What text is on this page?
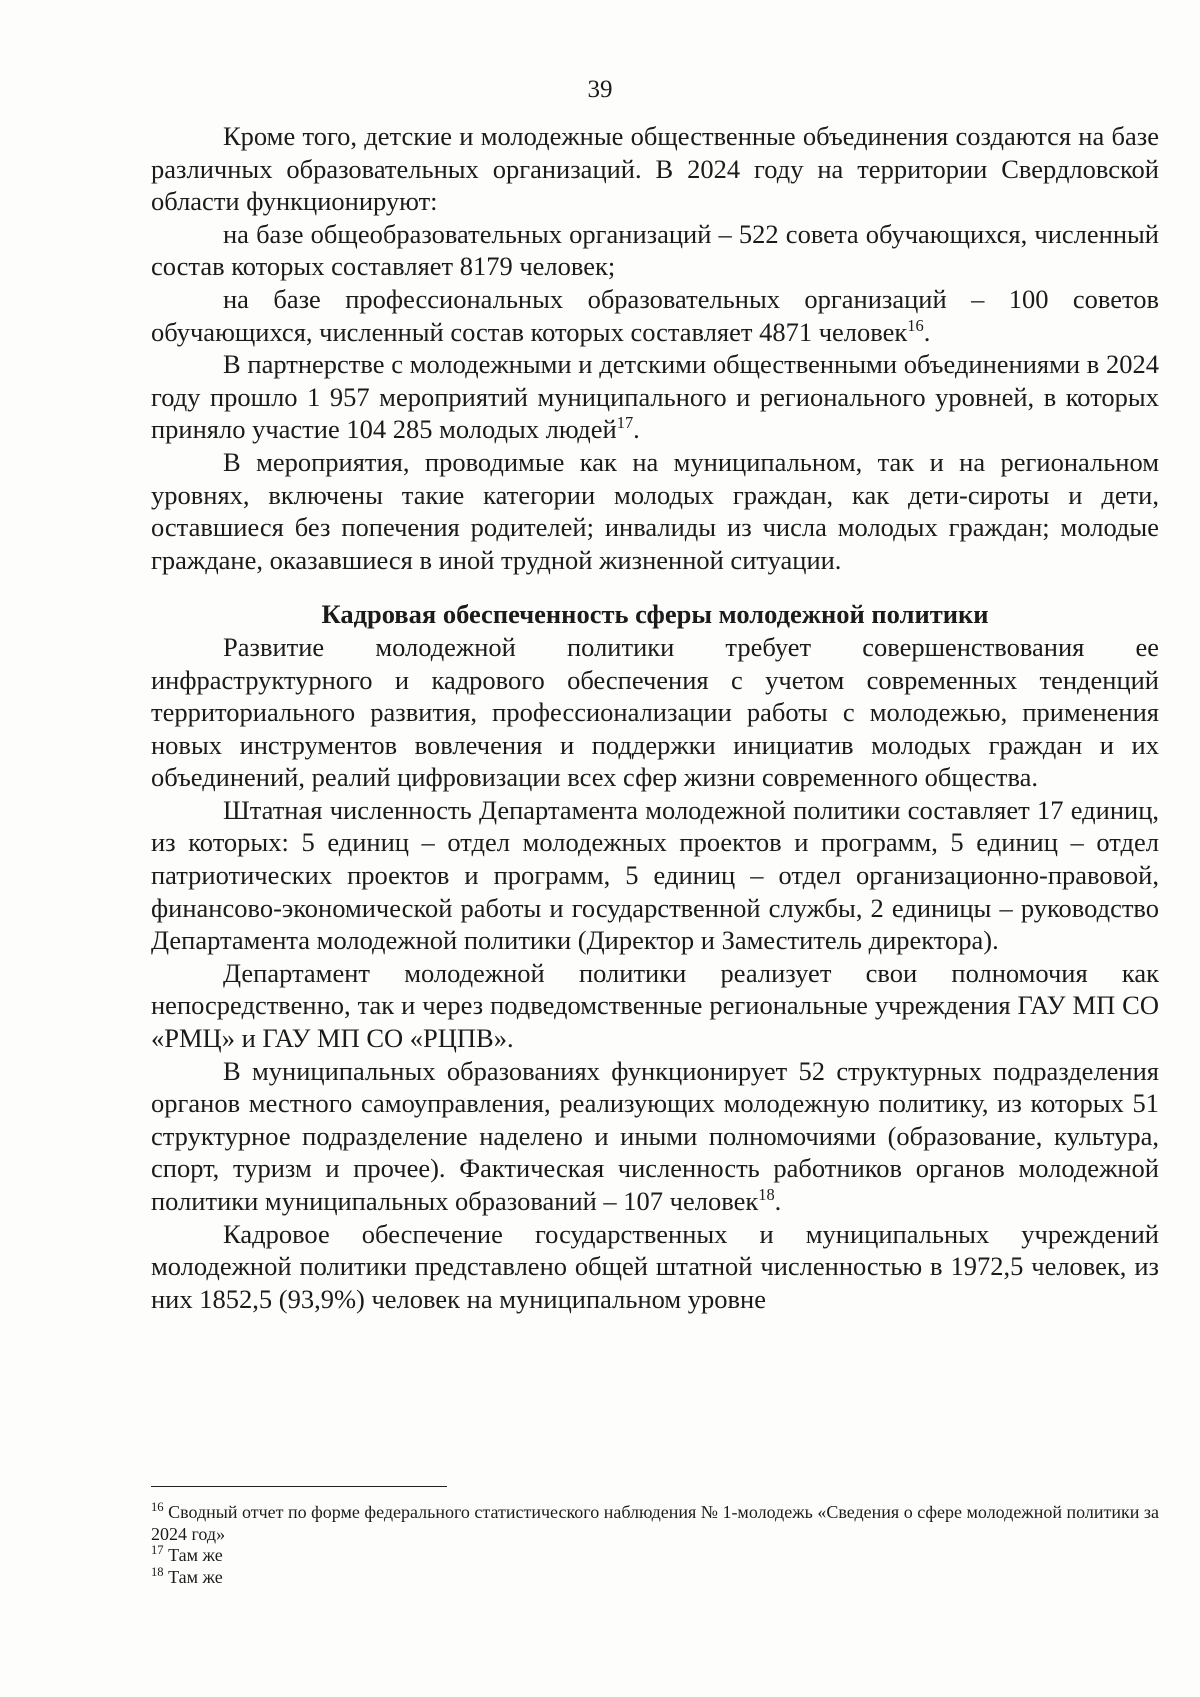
39

Кроме того, детские и молодежные общественные объединения создаются на базе различных образовательных организаций. В 2024 году на территории Свердловской области функционируют:

на базе общеобразовательных организаций – 522 совета обучающихся, численный состав которых составляет 8179 человек;

на базе профессиональных образовательных организаций – 100 советов обучающихся, численный состав которых составляет 4871 человек$^{16}$.

В партнерстве с молодежными и детскими общественными объединениями в 2024 году прошло 1 957 мероприятий муниципального и регионального уровней, в которых приняло участие 104 285 молодых людей$^{17}$.

В мероприятия, проводимые как на муниципальном, так и на региональном уровнях, включены такие категории молодых граждан, как дети-сироты и дети, оставшиеся без попечения родителей; инвалиды из числа молодых граждан; молодые граждане, оказавшиеся в иной трудной жизненной ситуации.

Кадровая обеспеченность сферы молодежной политики

Развитие молодежной политики требует совершенствования ее инфраструктурного и кадрового обеспечения с учетом современных тенденций территориального развития, профессионализации работы с молодежью, применения новых инструментов вовлечения и поддержки инициатив молодых граждан и их объединений, реалий цифровизации всех сфер жизни современного общества.

Штатная численность Департамента молодежной политики составляет 17 единиц, из которых: 5 единиц – отдел молодежных проектов и программ, 5 единиц – отдел патриотических проектов и программ, 5 единиц – отдел организационно-правовой, финансово-экономической работы и государственной службы, 2 единицы – руководство Департамента молодежной политики (Директор и Заместитель директора).

Департамент молодежной политики реализует свои полномочия как непосредственно, так и через подведомственные региональные учреждения ГАУ МП СО «РМЦ» и ГАУ МП СО «РЦПВ».

В муниципальных образованиях функционирует 52 структурных подразделения органов местного самоуправления, реализующих молодежную политику, из которых 51 структурное подразделение наделено и иными полномочиями (образование, культура, спорт, туризм и прочее). Фактическая численность работников органов молодежной политики муниципальных образований – 107 человек$^{18}$.

Кадровое обеспечение государственных и муниципальных учреждений молодежной политики представлено общей штатной численностью в 1972,5 человек, из них 1852,5 (93,9%) человек на муниципальном уровне

$^{16}$ Сводный отчет по форме федерального статистического наблюдения № 1-молодежь «Сведения о сфере молодежной политики за 2024 год»

$^{17}$ Там же

$^{18}$ Там же
